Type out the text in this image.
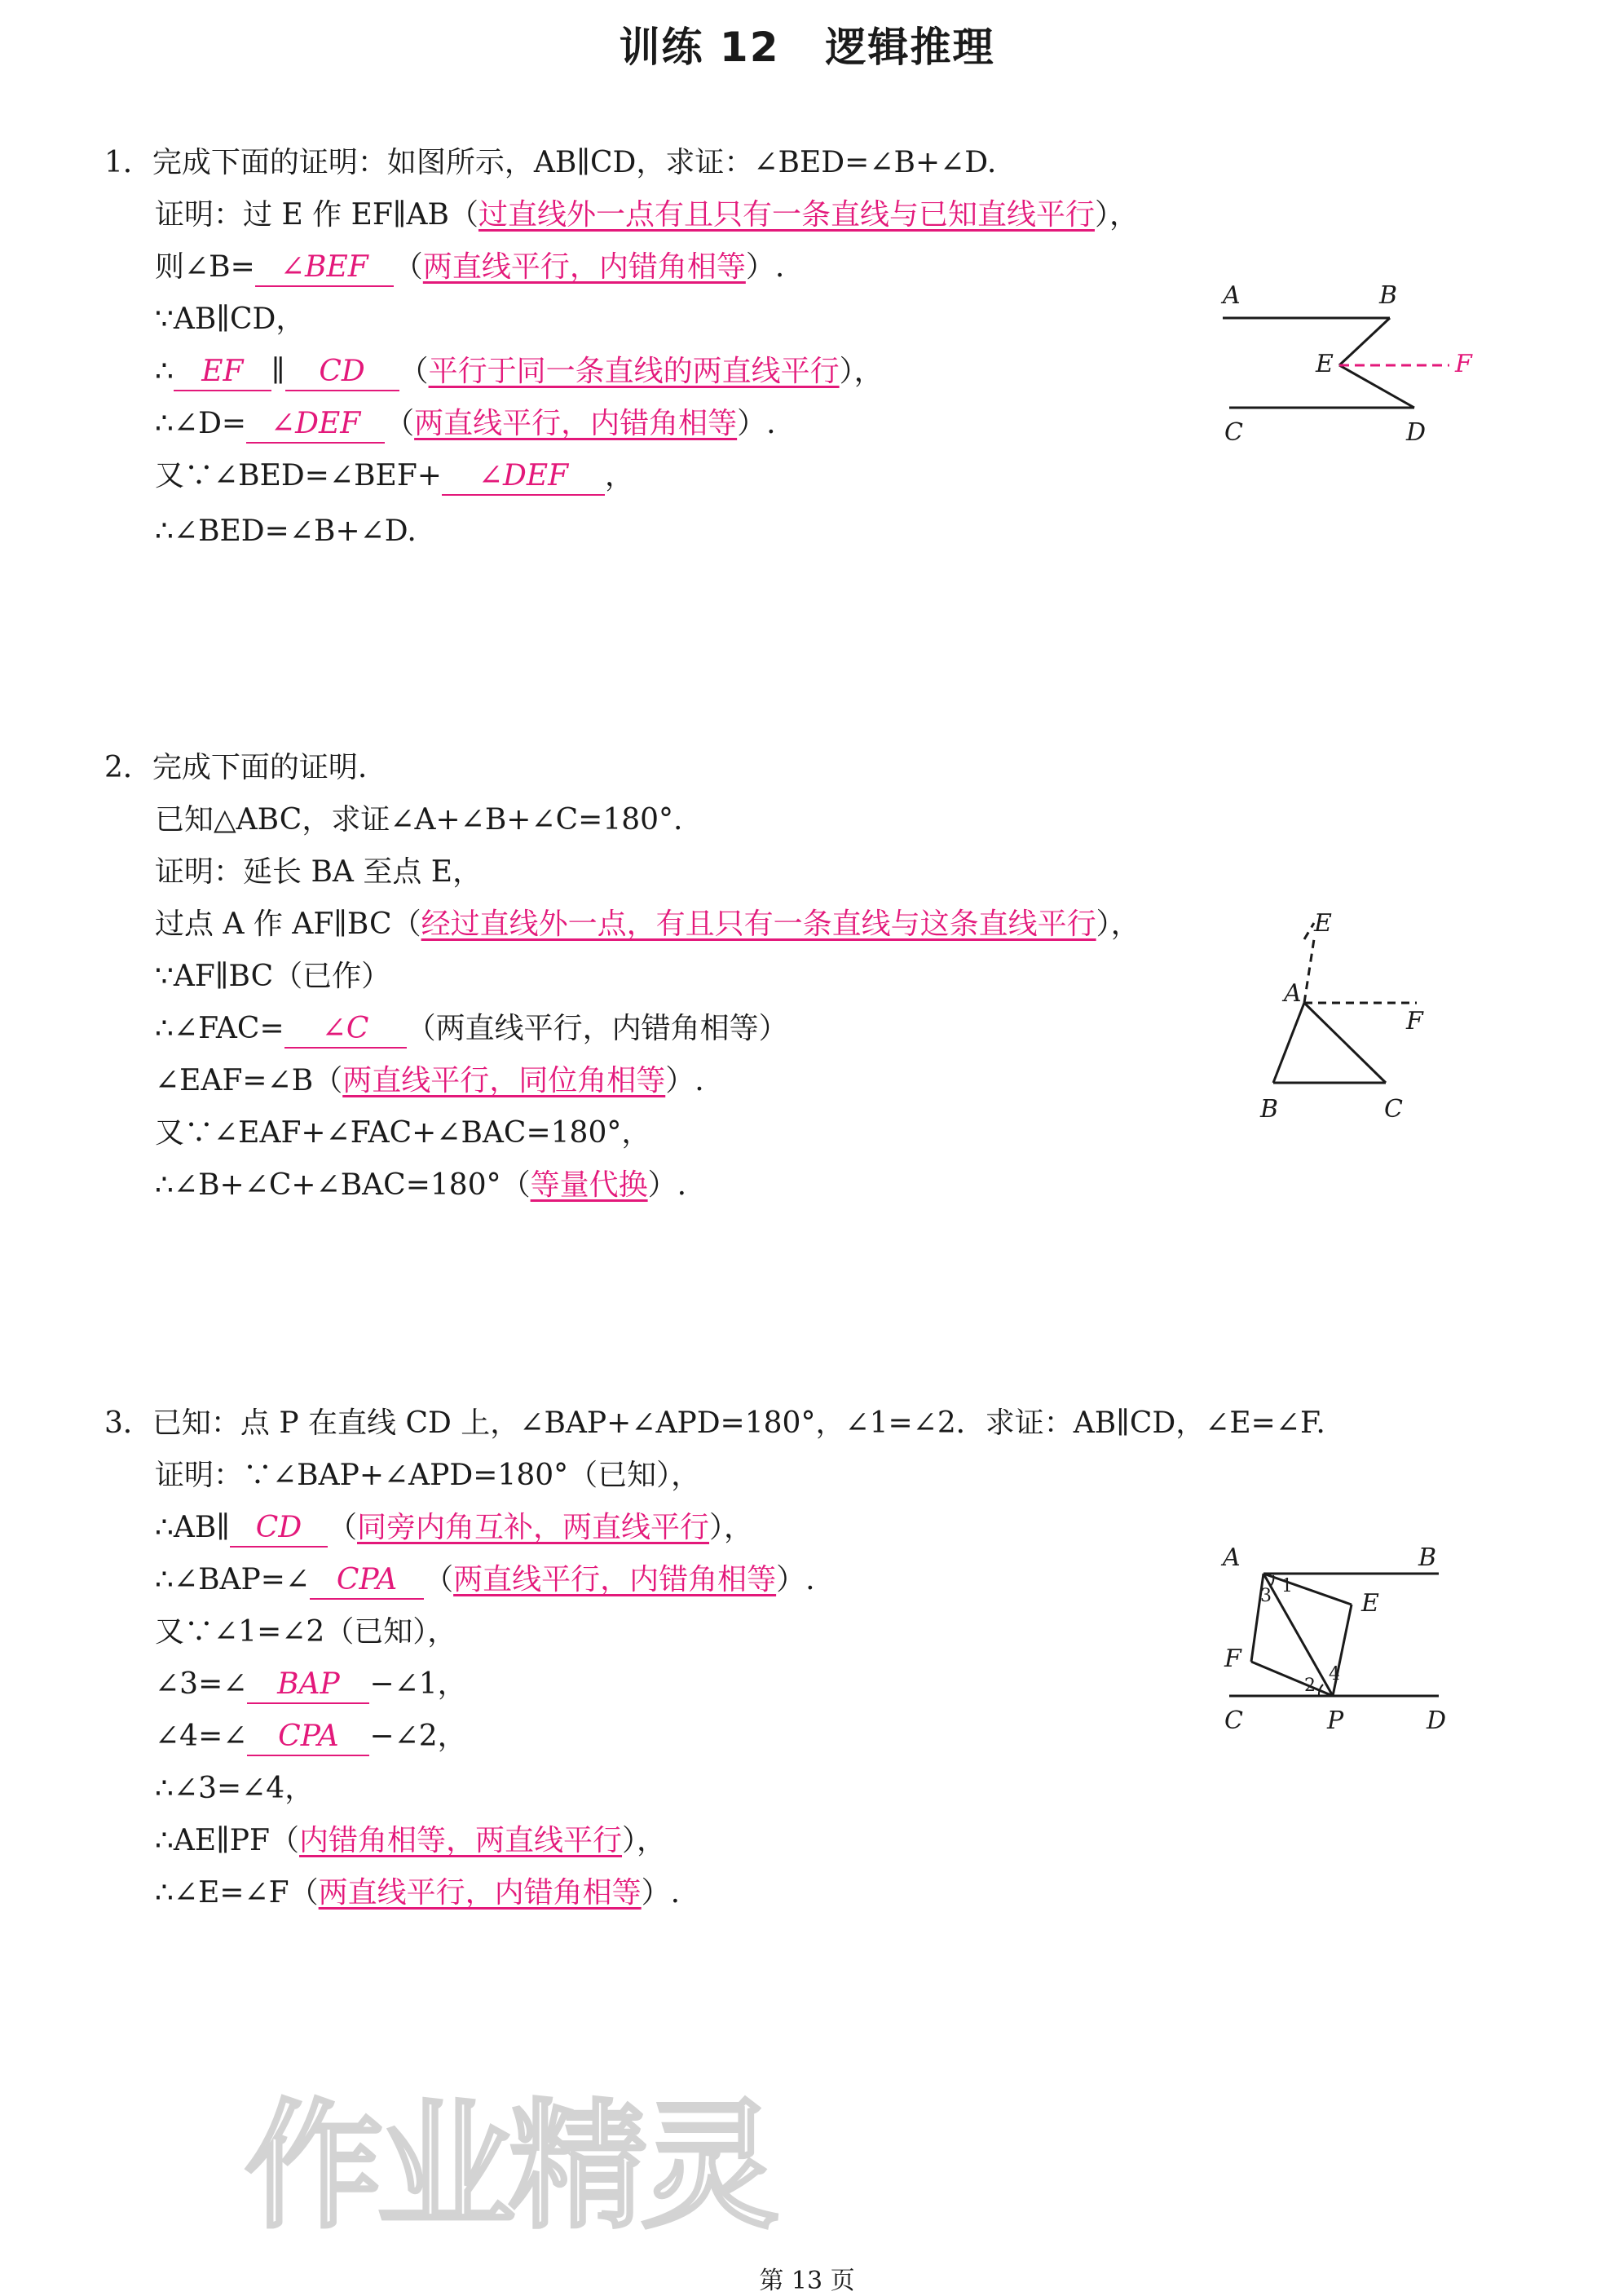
训练 12 逻辑推理
1．完成下面的证明：如图所示，AB∥CD，求证：∠BED=∠B+∠D.
证明：过 E 作 EF∥AB（过直线外一点有且只有一条直线与已知直线平行），
则∠B= ∠BEF （两直线平行，内错角相等）.
∵AB∥CD，
∴ EF ∥ CD （平行于同一条直线的两直线平行），
∴∠D= ∠DEF （两直线平行，内错角相等）.
又∵∠BED=∠BEF+ ∠DEF ，
∴∠BED=∠B+∠D.
A	B
E	F
C	D
2．完成下面的证明.
已知△ABC，求证∠A+∠B+∠C=180°.
证明：延长 BA 至点 E，
过点 A 作 AF∥BC（经过直线外一点，有且只有一条直线与这条直线平行），
∵AF∥BC（已作）
∴∠FAC= ∠C （两直线平行，内错角相等）
∠EAF=∠B（两直线平行，同位角相等）.
又∵∠EAF+∠FAC+∠BAC=180°，
∴∠B+∠C+∠BAC=180°（等量代换）.
E
A
F
B	C
3．已知：点 P 在直线 CD 上，∠BAP+∠APD=180°，∠1=∠2．求证：AB∥CD，∠E=∠F.
证明：∵∠BAP+∠APD=180°（已知），
∴AB∥ CD （同旁内角互补，两直线平行），
∴∠BAP=∠ CPA （两直线平行，内错角相等）.
又∵∠1=∠2（已知），
∠3=∠ BAP −∠1，
∠4=∠ CPA −∠2，
∴∠3=∠4，
∴AE∥PF（内错角相等，两直线平行），
∴∠E=∠F（两直线平行，内错角相等）.
A	B
E
F
C	P	D
1
3
4
2
作业精灵
第 13 页
